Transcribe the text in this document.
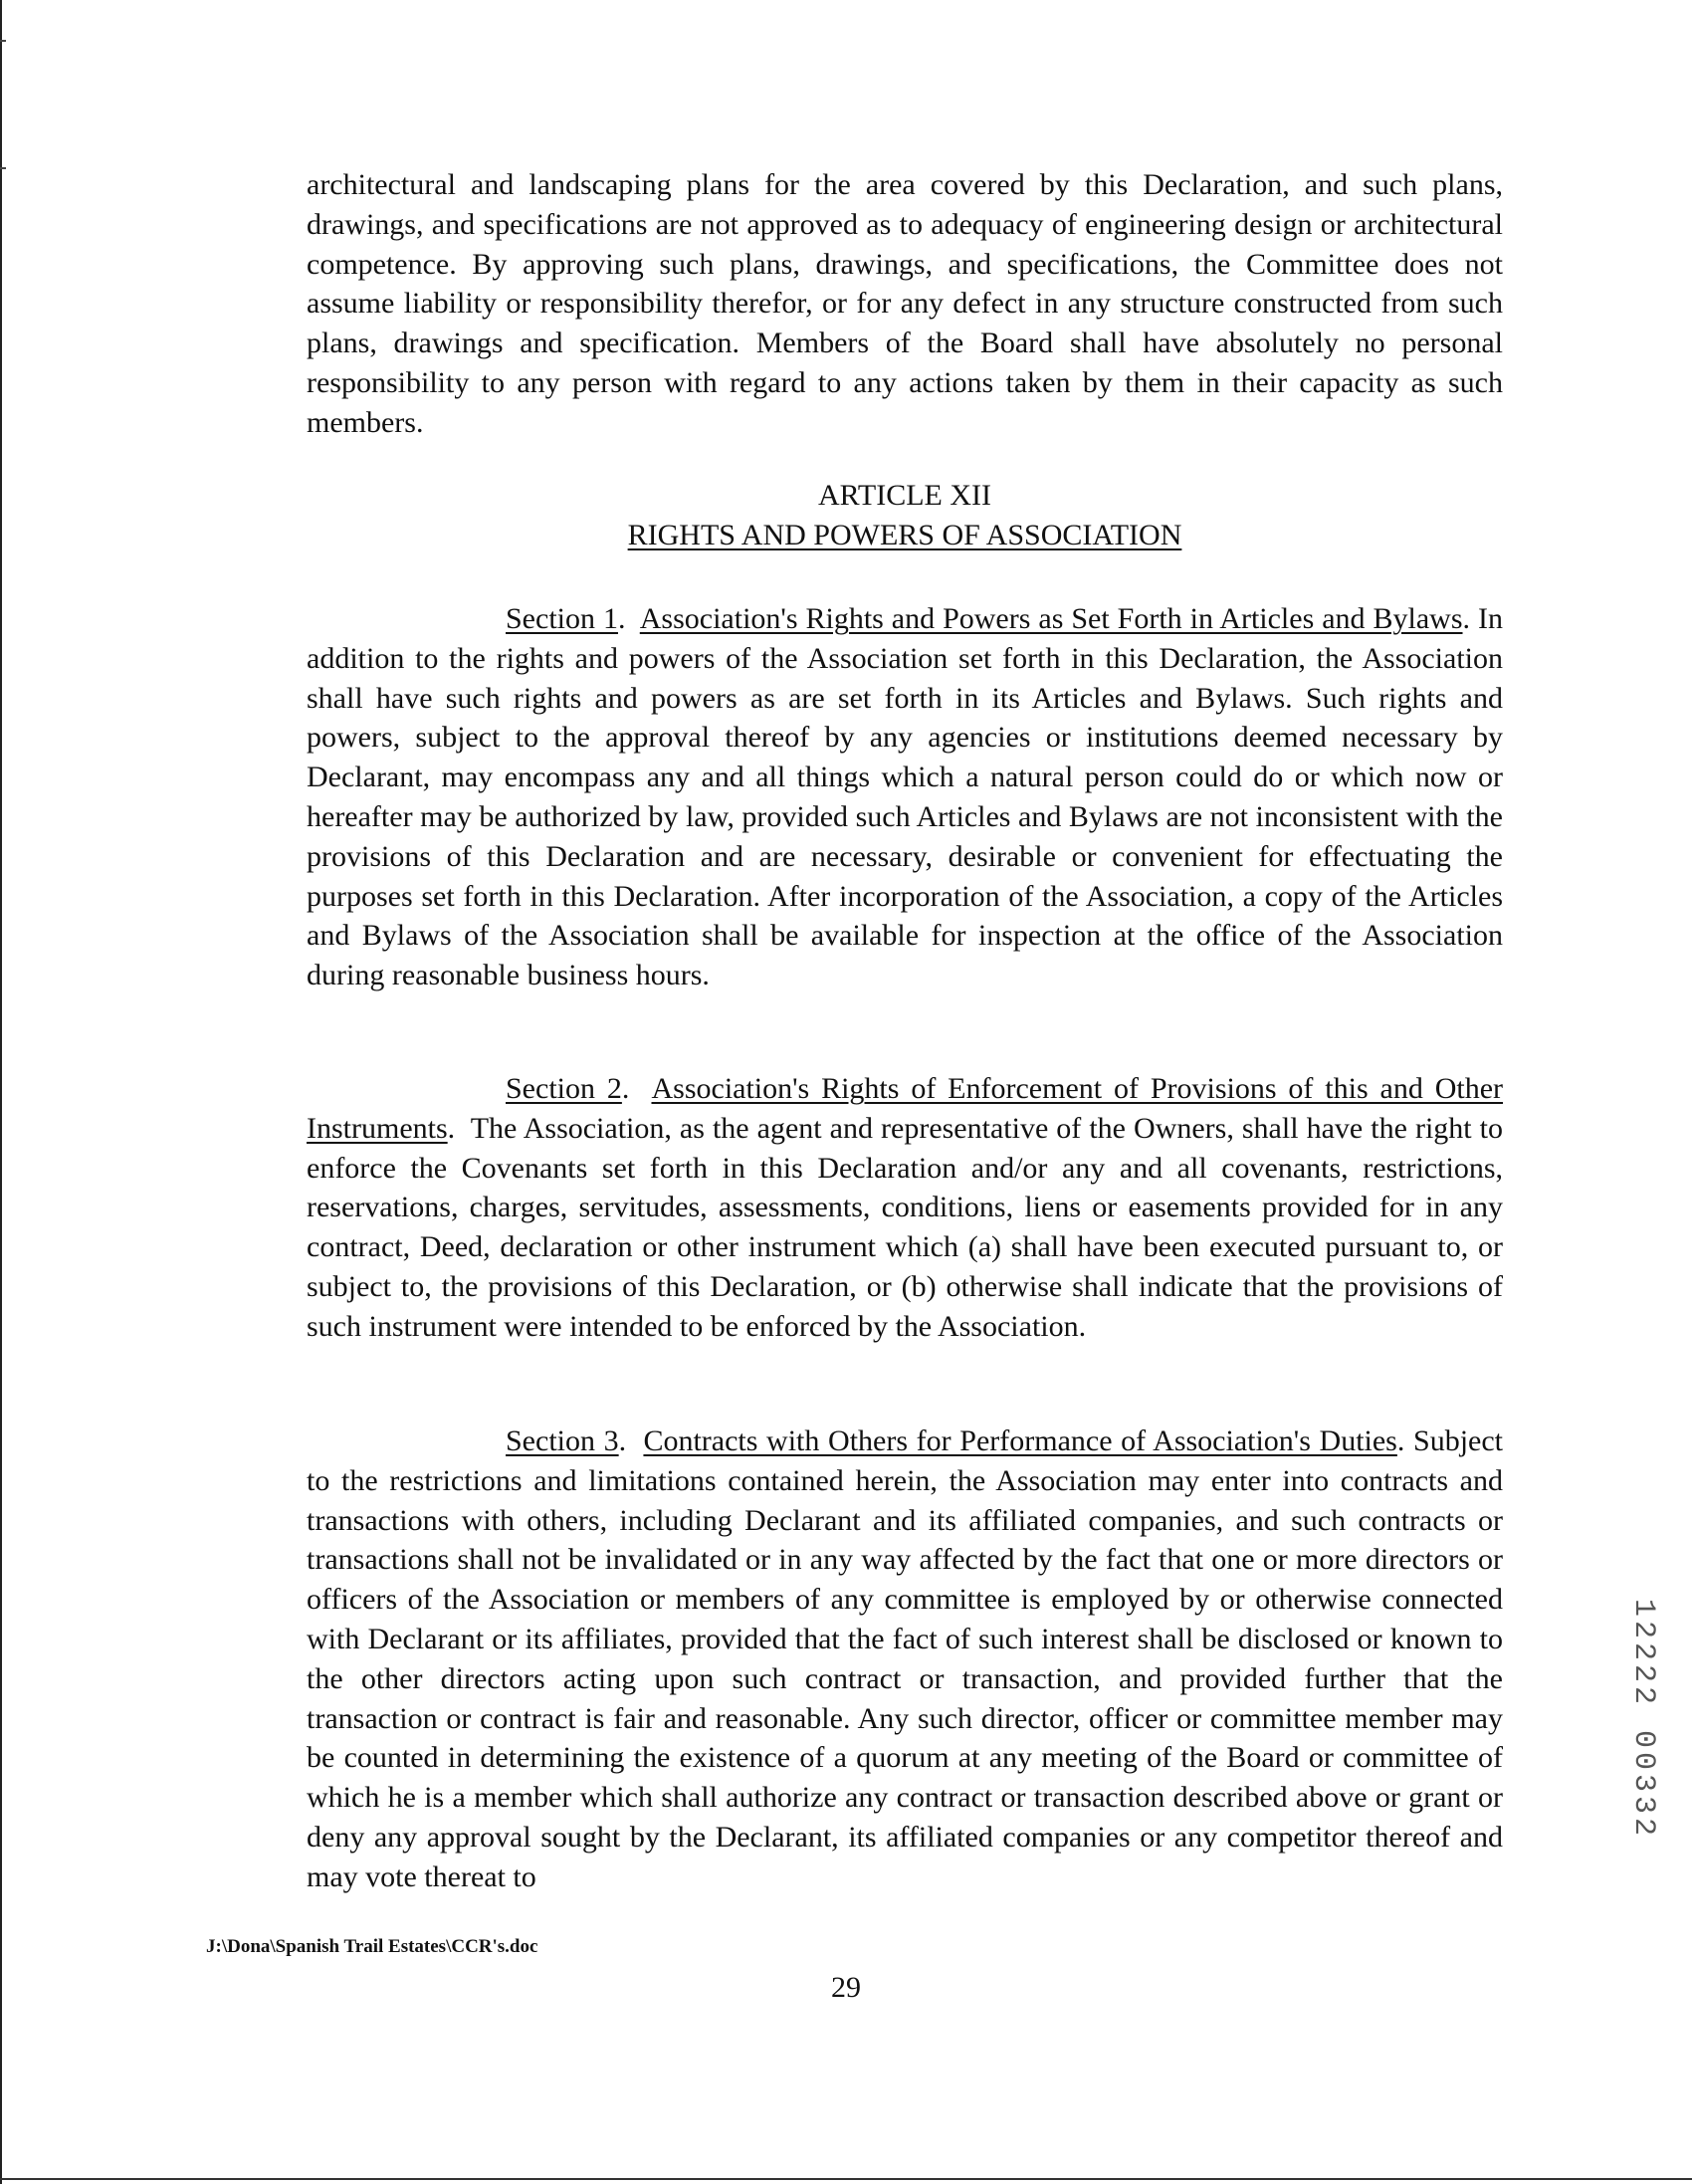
architectural and landscaping plans for the area covered by this Declaration, and such plans, drawings, and specifications are not approved as to adequacy of engineering design or architectural competence. By approving such plans, drawings, and specifications, the Committee does not assume liability or responsibility therefor, or for any defect in any structure constructed from such plans, drawings and specification. Members of the Board shall have absolutely no personal responsibility to any person with regard to any actions taken by them in their capacity as such members.

ARTICLE XII
RIGHTS AND POWERS OF ASSOCIATION

Section 1.  Association's Rights and Powers as Set Forth in Articles and Bylaws. In addition to the rights and powers of the Association set forth in this Declaration, the Association shall have such rights and powers as are set forth in its Articles and Bylaws. Such rights and powers, subject to the approval thereof by any agencies or institutions deemed necessary by Declarant, may encompass any and all things which a natural person could do or which now or hereafter may be authorized by law, provided such Articles and Bylaws are not inconsistent with the provisions of this Declaration and are necessary, desirable or convenient for effectuating the purposes set forth in this Declaration. After incorporation of the Association, a copy of the Articles and Bylaws of the Association shall be available for inspection at the office of the Association during reasonable business hours.

Section 2.  Association's Rights of Enforcement of Provisions of this and Other Instruments.  The Association, as the agent and representative of the Owners, shall have the right to enforce the Covenants set forth in this Declaration and/or any and all covenants, restrictions, reservations, charges, servitudes, assessments, conditions, liens or easements provided for in any contract, Deed, declaration or other instrument which (a) shall have been executed pursuant to, or subject to, the provisions of this Declaration, or (b) otherwise shall indicate that the provisions of such instrument were intended to be enforced by the Association.

Section 3.  Contracts with Others for Performance of Association's Duties. Subject to the restrictions and limitations contained herein, the Association may enter into contracts and transactions with others, including Declarant and its affiliated companies, and such contracts or transactions shall not be invalidated or in any way affected by the fact that one or more directors or officers of the Association or members of any committee is employed by or otherwise connected with Declarant or its affiliates, provided that the fact of such interest shall be disclosed or known to the other directors acting upon such contract or transaction, and provided further that the transaction or contract is fair and reasonable. Any such director, officer or committee member may be counted in determining the existence of a quorum at any meeting of the Board or committee of which he is a member which shall authorize any contract or transaction described above or grant or deny any approval sought by the Declarant, its affiliated companies or any competitor thereof and may vote thereat to

12222 00332
J:\Dona\Spanish Trail Estates\CCR's.doc
29
